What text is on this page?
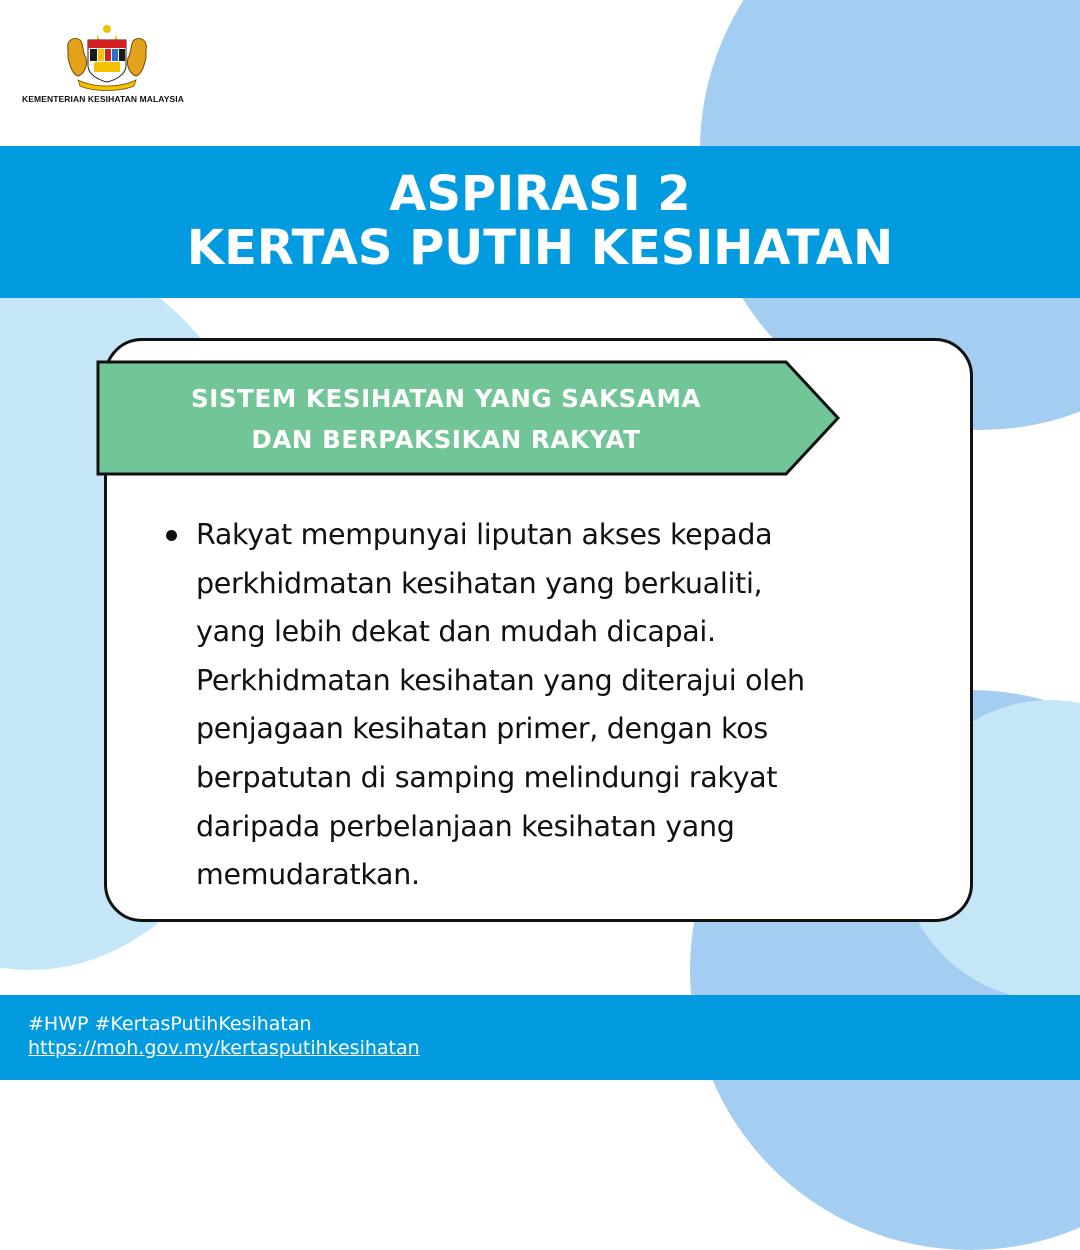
KEMENTERIAN KESIHATAN MALAYSIA
ASPIRASI 2
KERTAS PUTIH KESIHATAN
SISTEM KESIHATAN YANG SAKSAMA
DAN BERPAKSIKAN RAKYAT
Rakyat mempunyai liputan akses kepada
perkhidmatan kesihatan yang berkualiti,
yang lebih dekat dan mudah dicapai.
Perkhidmatan kesihatan yang diterajui oleh
penjagaan kesihatan primer, dengan kos
berpatutan di samping melindungi rakyat
daripada perbelanjaan kesihatan yang
memudaratkan.
#HWP #KertasPutihKesihatan
https://moh.gov.my/kertasputihkesihatan
